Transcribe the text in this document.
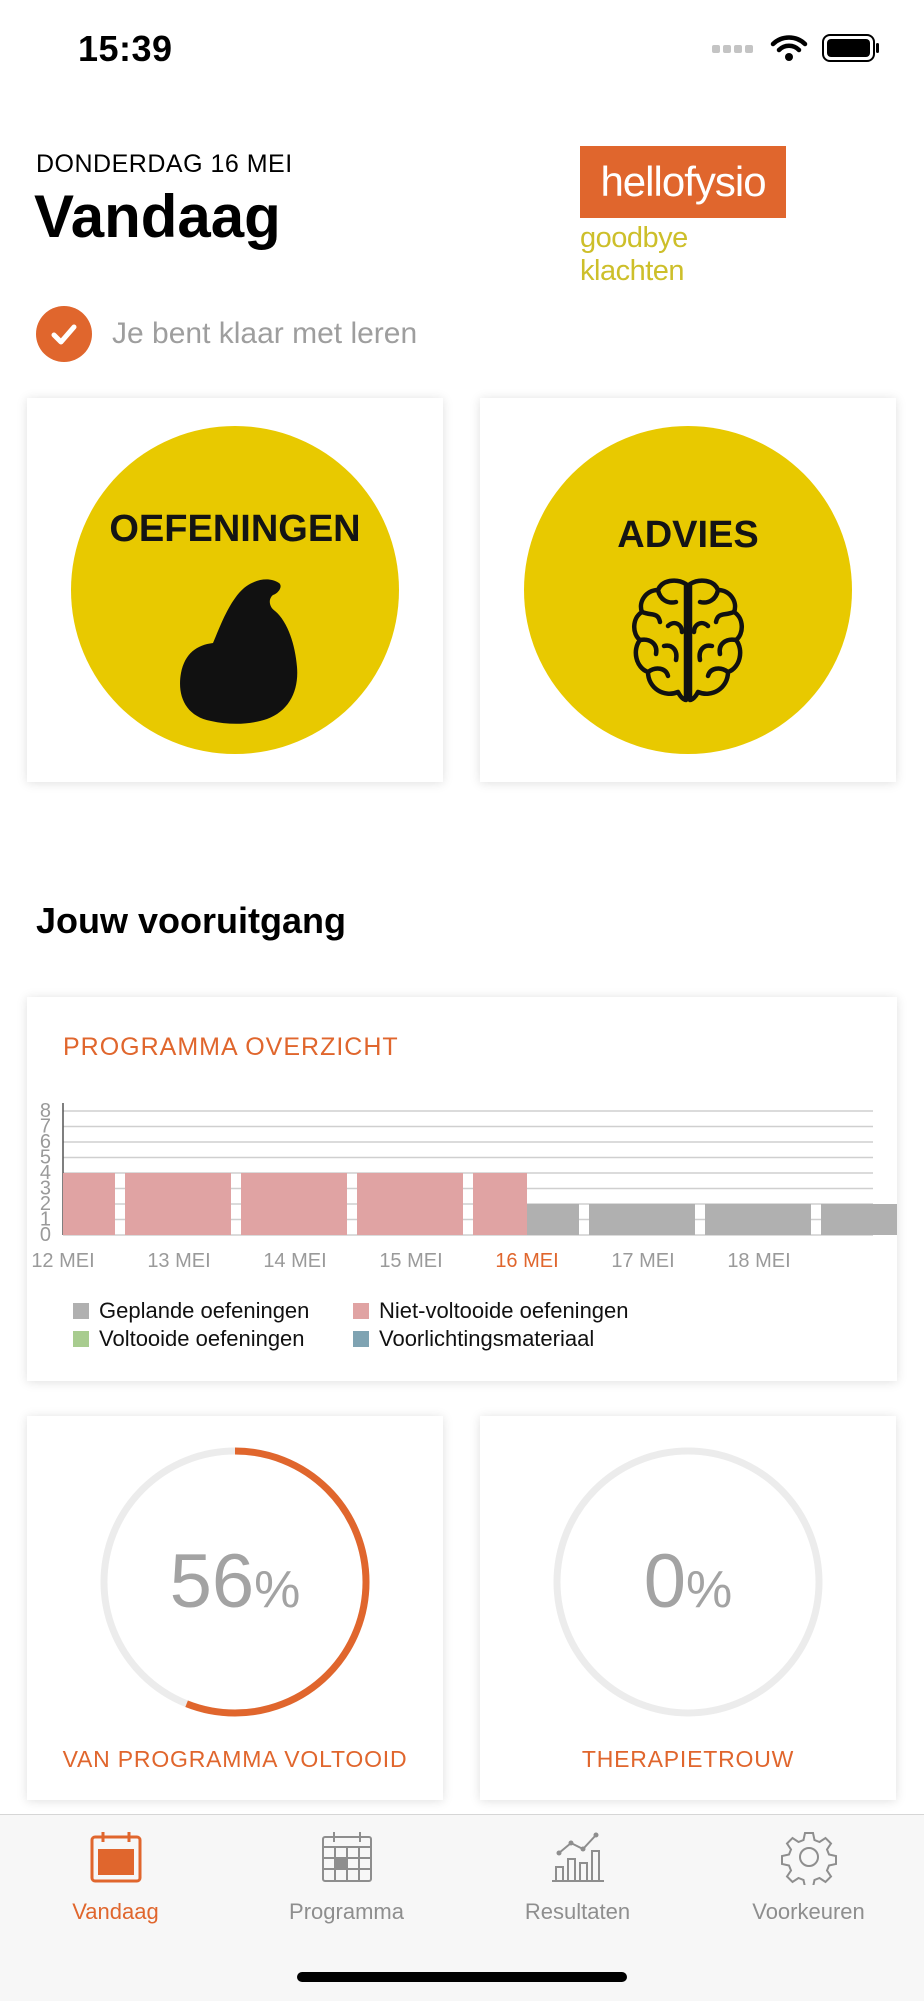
15:39
DONDERDAG 16 MEI
Vandaag
hello fysio
goodbye klachten
Je bent klaar met leren
OEFENINGEN	ADVIES
Jouw vooruitgang
PROGRAMMA OVERZICHT
0
1
2
3
4
5
6
7
8
12 MEI	13 MEI	14 MEI	15 MEI	16 MEI	17 MEI	18 MEI
Geplande oefeningen	Niet-voltooide oefeningen
Voltooide oefeningen	Voorlichtingsmateriaal
56%
VAN PROGRAMMA VOLTOOID
0%
THERAPIETROUW
Vandaag	Programma	Resultaten	Voorkeuren
